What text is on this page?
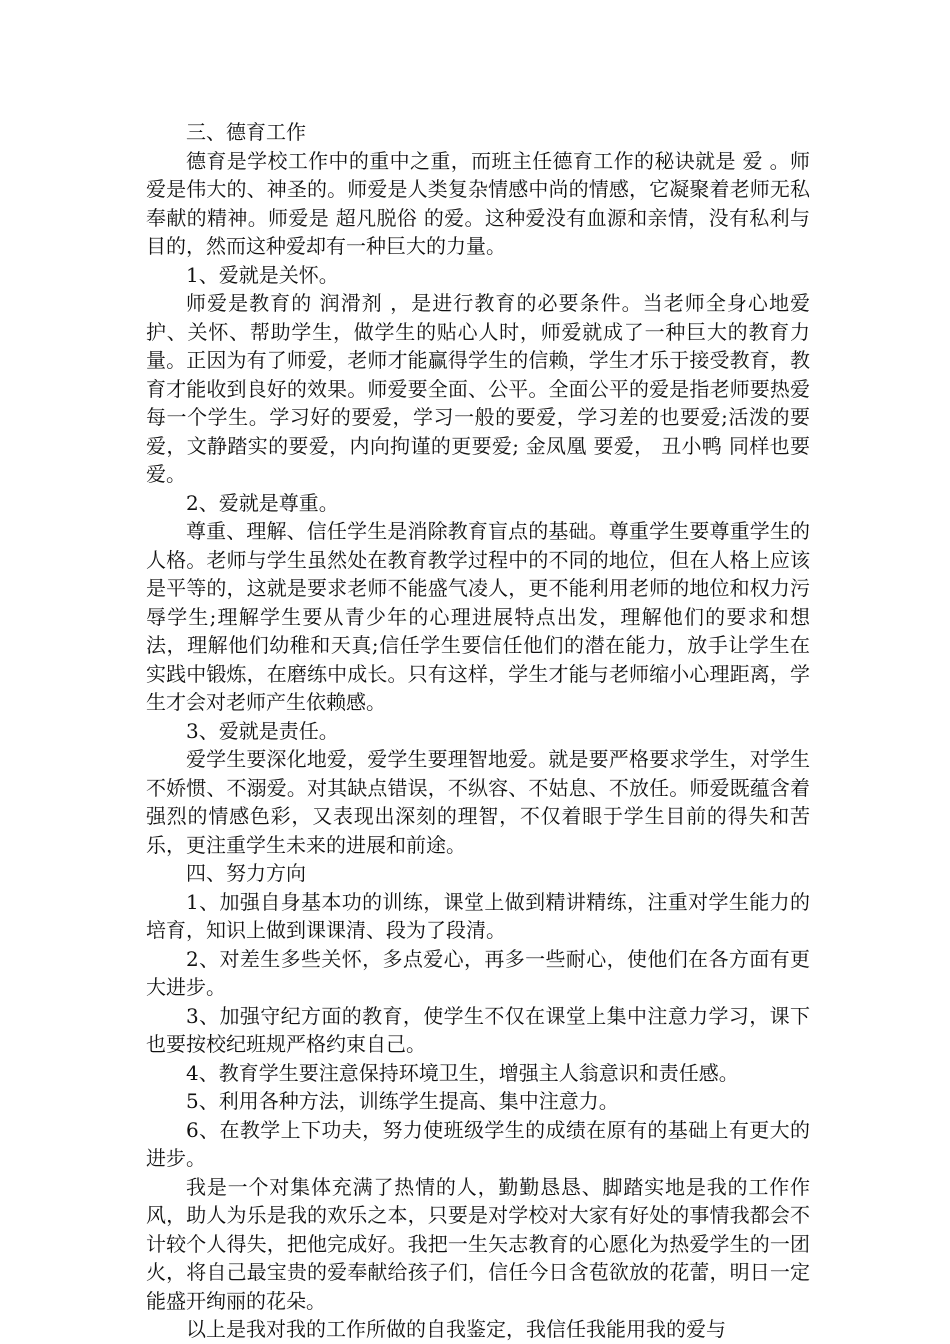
三、德育工作

德育是学校工作中的重中之重，而班主任德育工作的秘诀就是 爱 。师爱是伟大的、神圣的。师爱是人类复杂情感中尚的情感，它凝聚着老师无私奉献的精神。师爱是 超凡脱俗 的爱。这种爱没有血源和亲情，没有私利与目的，然而这种爱却有一种巨大的力量。

1、爱就是关怀。

师爱是教育的 润滑剂 ，是进行教育的必要条件。当老师全身心地爱护、关怀、帮助学生，做学生的贴心人时，师爱就成了一种巨大的教育力量。正因为有了师爱，老师才能赢得学生的信赖，学生才乐于接受教育，教育才能收到良好的效果。师爱要全面、公平。全面公平的爱是指老师要热爱每一个学生。学习好的要爱，学习一般的要爱，学习差的也要爱;活泼的要爱，文静踏实的要爱，内向拘谨的更要爱; 金凤凰 要爱， 丑小鸭 同样也要爱。

2、爱就是尊重。

尊重、理解、信任学生是消除教育盲点的基础。尊重学生要尊重学生的人格。老师与学生虽然处在教育教学过程中的不同的地位，但在人格上应该是平等的，这就是要求老师不能盛气凌人，更不能利用老师的地位和权力污辱学生;理解学生要从青少年的心理进展特点出发，理解他们的要求和想法，理解他们幼稚和天真;信任学生要信任他们的潜在能力，放手让学生在实践中锻炼，在磨练中成长。只有这样，学生才能与老师缩小心理距离，学生才会对老师产生依赖感。

3、爱就是责任。

爱学生要深化地爱，爱学生要理智地爱。就是要严格要求学生，对学生不娇惯、不溺爱。对其缺点错误，不纵容、不姑息、不放任。师爱既蕴含着强烈的情感色彩，又表现出深刻的理智，不仅着眼于学生目前的得失和苦乐，更注重学生未来的进展和前途。

四、努力方向

1、加强自身基本功的训练，课堂上做到精讲精练，注重对学生能力的培育，知识上做到课课清、段为了段清。

2、对差生多些关怀，多点爱心，再多一些耐心，使他们在各方面有更大进步。

3、加强守纪方面的教育，使学生不仅在课堂上集中注意力学习，课下也要按校纪班规严格约束自己。

4、教育学生要注意保持环境卫生，增强主人翁意识和责任感。

5、利用各种方法，训练学生提高、集中注意力。

6、在教学上下功夫，努力使班级学生的成绩在原有的基础上有更大的进步。

我是一个对集体充满了热情的人，勤勤恳恳、脚踏实地是我的工作作风，助人为乐是我的欢乐之本，只要是对学校对大家有好处的事情我都会不计较个人得失，把他完成好。我把一生矢志教育的心愿化为热爱学生的一团火，将自己最宝贵的爱奉献给孩子们，信任今日含苞欲放的花蕾，明日一定能盛开绚丽的花朵。

以上是我对我的工作所做的自我鉴定，我信任我能用我的爱与
